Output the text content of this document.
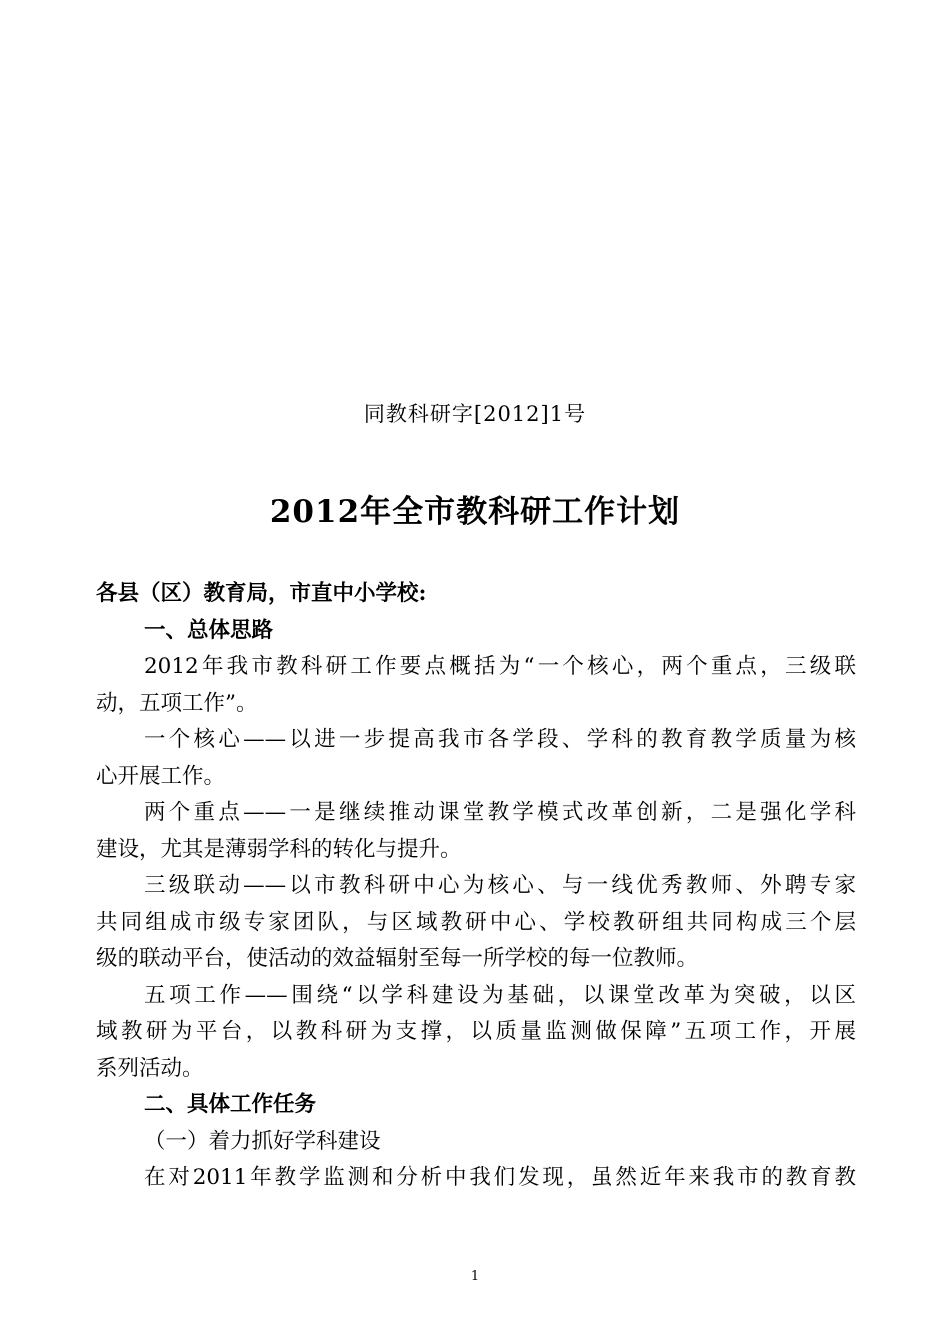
同教科研字[2012]1号
2012年全市教科研工作计划
各县（区）教育局，市直中小学校:
一、总体思路
2012年我市教科研工作要点概括为“一个核心，两个重点，三级联
动，五项工作”。
一个核心——以进一步提高我市各学段、学科的教育教学质量为核
心开展工作。
两个重点——一是继续推动课堂教学模式改革创新，二是强化学科
建设，尤其是薄弱学科的转化与提升。
三级联动——以市教科研中心为核心、与一线优秀教师、外聘专家
共同组成市级专家团队，与区域教研中心、学校教研组共同构成三个层
级的联动平台，使活动的效益辐射至每一所学校的每一位教师。
五项工作——围绕“以学科建设为基础，以课堂改革为突破，以区
域教研为平台，以教科研为支撑，以质量监测做保障”五项工作，开展
系列活动。
二、具体工作任务
（一）着力抓好学科建设
在对2011年教学监测和分析中我们发现，虽然近年来我市的教育教
1
